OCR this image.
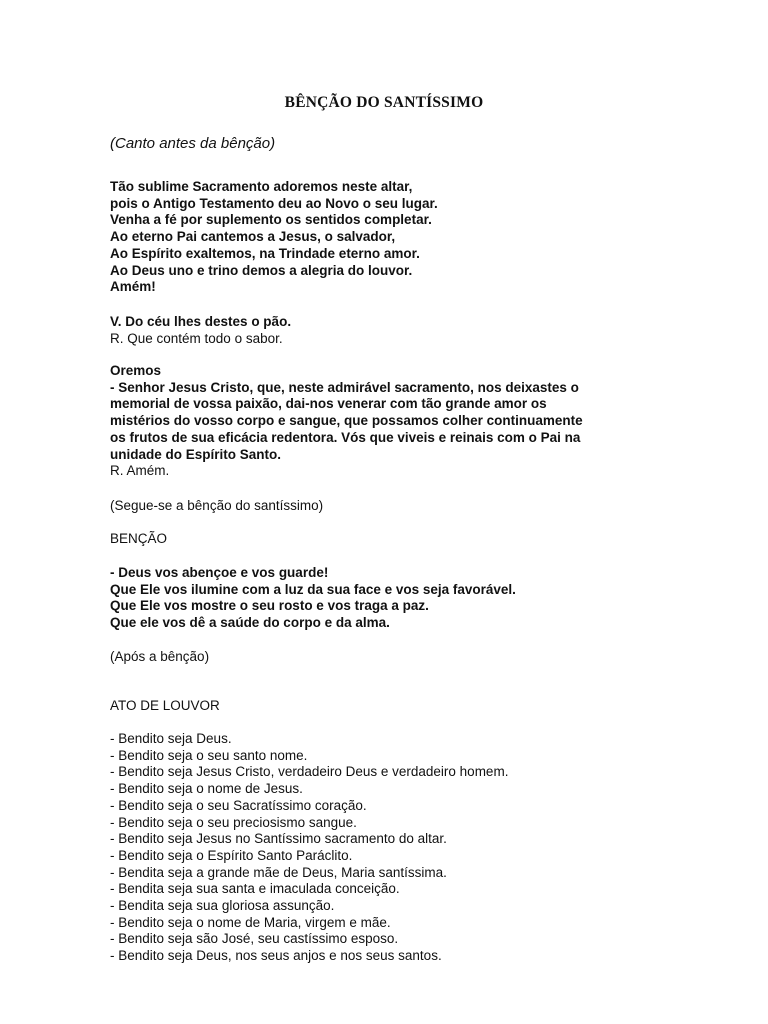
BÊNÇÃO DO SANTÍSSIMO
(Canto antes da bênção)
Tão sublime Sacramento adoremos neste altar,
pois o Antigo Testamento deu ao Novo o seu lugar.
Venha a fé por suplemento os sentidos completar.
Ao eterno Pai cantemos a Jesus, o salvador,
Ao Espírito exaltemos, na Trindade eterno amor.
Ao Deus uno e trino demos a alegria do louvor.
Amém!
V. Do céu lhes destes o pão.
R. Que contém todo o sabor.
Oremos
- Senhor Jesus Cristo, que, neste admirável sacramento, nos deixastes o
memorial de vossa paixão, dai-nos venerar com tão grande amor os
mistérios do vosso corpo e sangue, que possamos colher continuamente
os frutos de sua eficácia redentora. Vós que viveis e reinais com o Pai na
unidade do Espírito Santo.
R. Amém.
(Segue-se a bênção do santíssimo)
BENÇÃO
- Deus vos abençoe e vos guarde!
Que Ele vos ilumine com a luz da sua face e vos seja favorável.
Que Ele vos mostre o seu rosto e vos traga a paz.
Que ele vos dê a saúde do corpo e da alma.
(Após a bênção)
ATO DE LOUVOR
- Bendito seja Deus.
- Bendito seja o seu santo nome.
- Bendito seja Jesus Cristo, verdadeiro Deus e verdadeiro homem.
- Bendito seja o nome de Jesus.
- Bendito seja o seu Sacratíssimo coração.
- Bendito seja o seu preciosismo sangue.
- Bendito seja Jesus no Santíssimo sacramento do altar.
- Bendito seja o Espírito Santo Paráclito.
- Bendita seja a grande mãe de Deus, Maria santíssima.
- Bendita seja sua santa e imaculada conceição.
- Bendita seja sua gloriosa assunção.
- Bendito seja o nome de Maria, virgem e mãe.
- Bendito seja são José, seu castíssimo esposo.
- Bendito seja Deus, nos seus anjos e nos seus santos.
